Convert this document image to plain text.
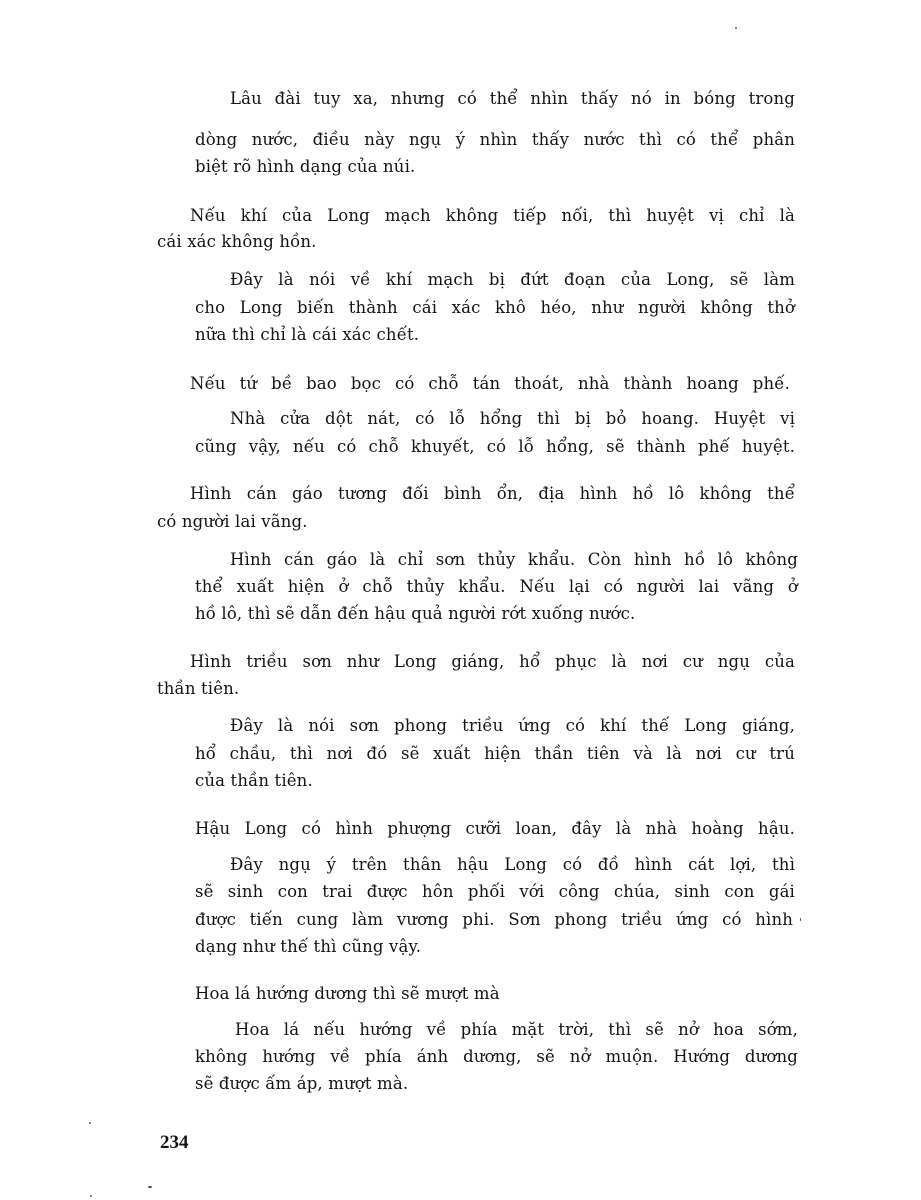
Lâu đài tuy xa, nhưng có thể nhìn thấy nó in bóng trong
dòng nước, điều này ngụ ý nhìn thấy nước thì có thể phân
biệt rõ hình dạng của núi.
Nếu khí của Long mạch không tiếp nối, thì huyệt vị chỉ là
cái xác không hồn.
Đây là nói về khí mạch bị đứt đoạn của Long, sẽ làm
cho Long biến thành cái xác khô héo, như người không thở
nữa thì chỉ là cái xác chết.
Nếu tứ bề bao bọc có chỗ tán thoát, nhà thành hoang phế.
Nhà cửa dột nát, có lỗ hổng thì bị bỏ hoang. Huyệt vị
cũng vậy, nếu có chỗ khuyết, có lỗ hổng, sẽ thành phế huyệt.
Hình cán gáo tương đối bình ổn, địa hình hồ lô không thể
có người lai vãng.
Hình cán gáo là chỉ sơn thủy khẩu. Còn hình hồ lô không
thể xuất hiện ở chỗ thủy khẩu. Nếu lại có người lai vãng ở
hồ lô, thì sẽ dẫn đến hậu quả người rớt xuống nước.
Hình triều sơn như Long giáng, hổ phục là nơi cư ngụ của
thần tiên.
Đây là nói sơn phong triều ứng có khí thế Long giáng,
hổ chầu, thì nơi đó sẽ xuất hiện thần tiên và là nơi cư trú
của thần tiên.
Hậu Long có hình phượng cưỡi loan, đây là nhà hoàng hậu.
Đây ngụ ý trên thân hậu Long có đồ hình cát lợi, thì
sẽ sinh con trai được hôn phối với công chúa, sinh con gái
được tiến cung làm vương phi. Sơn phong triều ứng có hình
dạng như thế thì cũng vậy.
Hoa lá hướng dương thì sẽ mượt mà
Hoa lá nếu hướng về phía mặt trời, thì sẽ nở hoa sớm,
không hướng về phía ánh dương, sẽ nở muộn. Hướng dương
sẽ được ấm áp, mượt mà.
234
